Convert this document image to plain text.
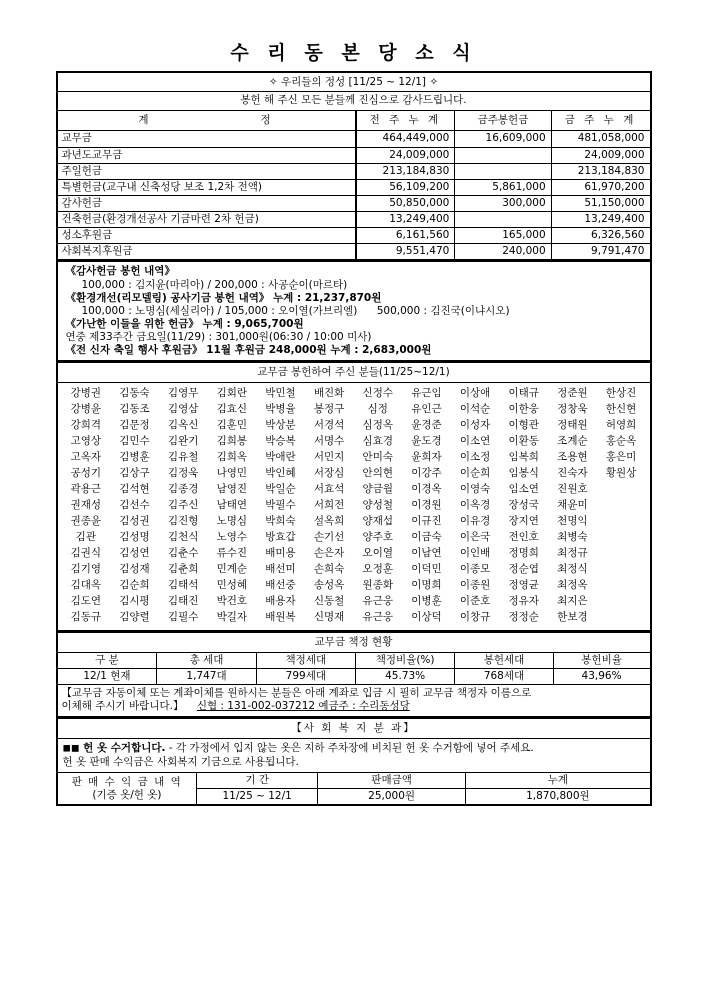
수 리 동 본 당 소 식
✧ 우리들의 정성 [11/25 ~ 12/1] ✧			
봉헌 해 주신 모든 분들께 진심으로 감사드립니다.			
계 정	전 주 누 계	금주봉헌금	금 주 누 계
교무금	464,449,000	16,609,000	481,058,000
과년도교무금	24,009,000		24,009,000
주일헌금	213,184,830		213,184,830
특별헌금(교구내 신축성당 보조 1,2차 전액)	56,109,200	5,861,000	61,970,200
감사헌금	50,850,000	300,000	51,150,000
건축헌금(환경개선공사 기금마련 2차 헌금)	13,249,400		13,249,400
성소후원금	6,161,560	165,000	6,326,560
사회복지후원금	9,551,470	240,000	9,791,470
《감사헌금 봉헌 내역》
100,000 : 김지윤(마리아) / 200,000 : 사공순이(마르타)
《환경개선(리모델링) 공사기금 봉헌 내역》 누계 : 21,237,870원
100,000 : 노명심(세실리아) / 105,000 : 오이열(가브리엘) 500,000 : 김진국(이냐시오)
《가난한 이들을 위한 헌금》 누계 : 9,065,700원
연중 제33주간 금요일(11/29) : 301,000원(06:30 / 10:00 미사)
《전 신자 축일 행사 후원금》 11월 후원금 248,000원 누계 : 2,683,000원
교무금 봉헌하여 주신 분들(11/25~12/1)

강병권	김동숙	김영무	김회란	박민철	배진화	신정수	유근임	이상애	이태규	정준원	한상진
강병윤	김동조	김영삼	김효신	박병율	봉정구	심정	유인근	이석순	이한웅	정창욱	한신현
강희격	김문정	김옥신	김훈민	박상분	서경석	심정옥	윤경준	이성자	이형관	정태원	허영희
고영상	김민수	김완기	김희봉	박승복	서명수	심효경	윤도경	이소연	이환동	조계순	홍순옥
고옥자	김병훈	김유철	김희옥	박애란	서민지	안미숙	윤희자	이소정	임복희	조용현	홍은미
공성기	김상구	김정욱	나영민	박인혜	서장심	안의현	이강주	이순희	임봉식	진숙자	황원상
곽용근	김석현	김종경	남영진	박일순	서효석	양금월	이경옥	이영숙	임소연	진원호	
권재성	김선수	김주신	남태연	박필수	서희전	양성철	이경원	이옥경	장성국	채윤미	
권종윤	김성권	김진형	노명심	박희숙	설옥희	양재섭	이규진	이유경	장지연	천명익	
김관	김성명	김천식	노영수	방효갑	손기선	양주호	이금숙	이은국	전인호	최병숙	
김권식	김성연	김춘수	류수진	배미용	손은자	오이열	이남연	이인배	정명희	최정규	
김기영	김성재	김춘희	민계순	배선미	손희숙	오정훈	이덕민	이종모	정순엽	최정식	
김대옥	김순희	김태석	민성혜	배선중	송성옥	원종화	이명희	이종원	정영균	최정옥	
김도연	김시평	김태진	박건호	배용자	신동철	유근웅	이병훈	이준호	정유자	최지은	
김동규	김양렬	김필수	박길자	배원복	신명재	유근웅	이상덕	이창규	정정순	한보경	
교무금 책정 현황					
구 분	총 세대	책정세대	책정비율(%)	봉헌세대	봉헌비율
12/1 현재	1,747대	799세대	45.73%	768세대	43,96%

【교무금 자동이체 또는 계좌이체를 원하시는 분들은 아래 계좌로 입금 시 필히 교무금 책정자 이름으로
이체해 주시기 바랍니다.】 신협 : 131-002-037212 예금주 : 수리동성당					
【사 회 복 지 분 과】			

◼◼ 헌 옷 수거합니다. - 각 가정에서 입지 않는 옷은 지하 주차장에 비치된 헌 옷 수거함에 넣어 주세요.
헌 옷 판매 수익금은 사회복지 기금으로 사용됩니다.			

판 매 수 익 금 내 역
(기증 옷/헌 옷)	기 간	판매금액	누계
	11/25 ~ 12/1	25,000원	1,870,800원
